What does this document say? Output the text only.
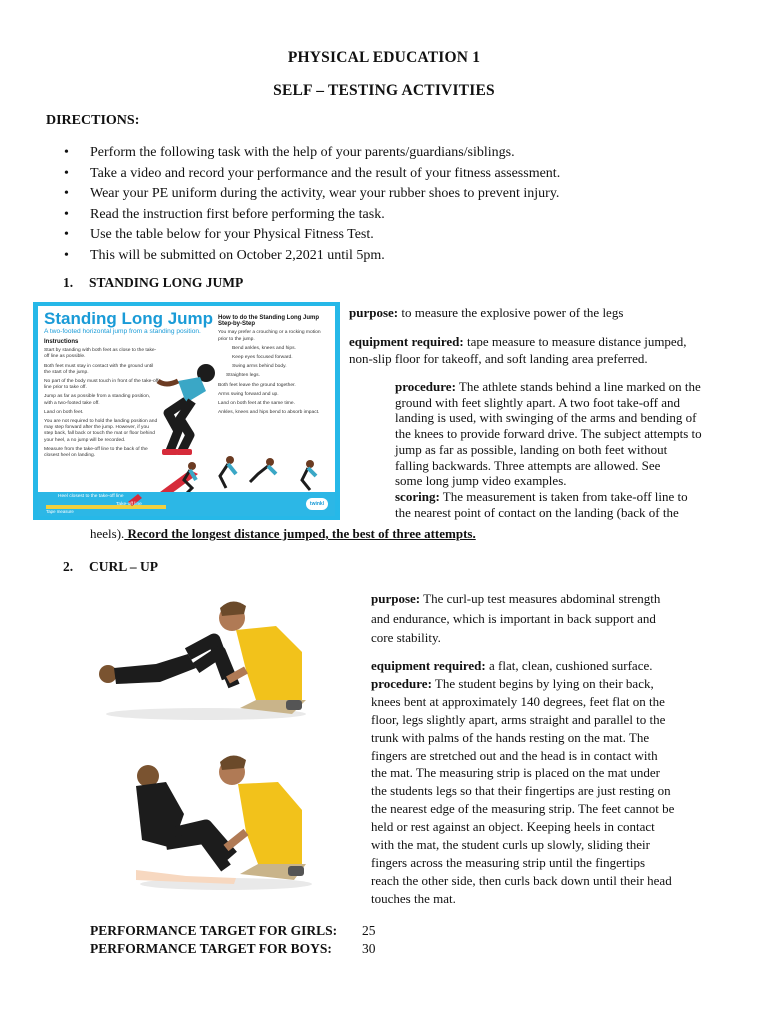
PHYSICAL EDUCATION 1
SELF – TESTING ACTIVITIES
DIRECTIONS:
• Perform the following task with the help of your parents/guardians/siblings.
• Take a video and record your performance and the result of your fitness assessment.
• Wear your PE uniform during the activity, wear your rubber shoes to prevent injury.
• Read the instruction first before performing the task.
• Use the table below for your Physical Fitness Test.
• This will be submitted on October 2,2021 until 5pm.
1. STANDING LONG JUMP
Standing Long Jump
A two-footed horizontal jump from a standing position.

Instructions

Start by standing with both feet as close to the take-off line as possible.

Both feet must stay in contact with the ground until the start of the jump.

No part of the body must touch in front of the take-off line prior to take off.

Jump as far as possible from a standing position, with a two-footed take off.

Land on both feet.

You are not required to hold the landing position and may step forward after the jump. However, if you step back, fall back or touch the mat or floor behind your heel, a no jump will be recorded.

Measure from the take-off line to the back of the closest heel on landing.

How to do the Standing Long Jump Step-by-Step

You may prefer a crouching or a rocking motion prior to the jump.

Bend ankles, knees and hips.

Keep eyes focused forward.

Swing arms behind body.

Straighten legs.

Both feet leave the ground together.

Arms swing forward and up.

Land on both feet at the same time.

Ankles, knees and hips bend to absorb impact.

Heel closest to the take-off line
Take-off line
Tape measure
twinkl
purpose: to measure the explosive power of the legs
equipment required: tape measure to measure distance jumped,
non-slip floor for takeoff, and soft landing area preferred.
procedure: The athlete stands behind a line marked on the
ground with feet slightly apart. A two foot take-off and
landing is used, with swinging of the arms and bending of
the knees to provide forward drive. The subject attempts to
jump as far as possible, landing on both feet without
falling backwards. Three attempts are allowed. See
some long jump video examples.
scoring: The measurement is taken from take-off line to
the nearest point of contact on the landing (back of the
heels). Record the longest distance jumped, the best of three attempts.
2. CURL – UP
purpose: The curl-up test measures abdominal strength
and endurance, which is important in back support and
core stability.
equipment required: a flat, clean, cushioned surface.
procedure: The student begins by lying on their back,
knees bent at approximately 140 degrees, feet flat on the
floor, legs slightly apart, arms straight and parallel to the
trunk with palms of the hands resting on the mat. The
fingers are stretched out and the head is in contact with
the mat. The measuring strip is placed on the mat under
the students legs so that their fingertips are just resting on
the nearest edge of the measuring strip. The feet cannot be
held or rest against an object. Keeping heels in contact
with the mat, the student curls up slowly, sliding their
fingers across the measuring strip until the fingertips
reach the other side, then curls back down until their head
touches the mat.
PERFORMANCE TARGET FOR GIRLS: 25
PERFORMANCE TARGET FOR BOYS: 30
